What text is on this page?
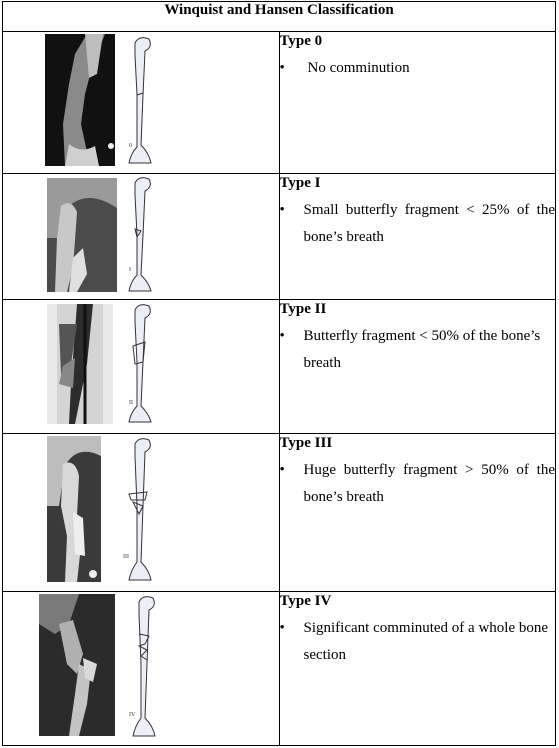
Winquist and Hansen Classification	

0	Type 0
• No comminution

I	Type I
• Small butterfly fragment < 25% of the bone’s breath

II	Type II
• Butterfly fragment < 50% of the bone’s breath

III	Type III
• Huge butterfly fragment > 50% of the bone’s breath

IV	Type IV
• Significant comminuted of a whole bone section
